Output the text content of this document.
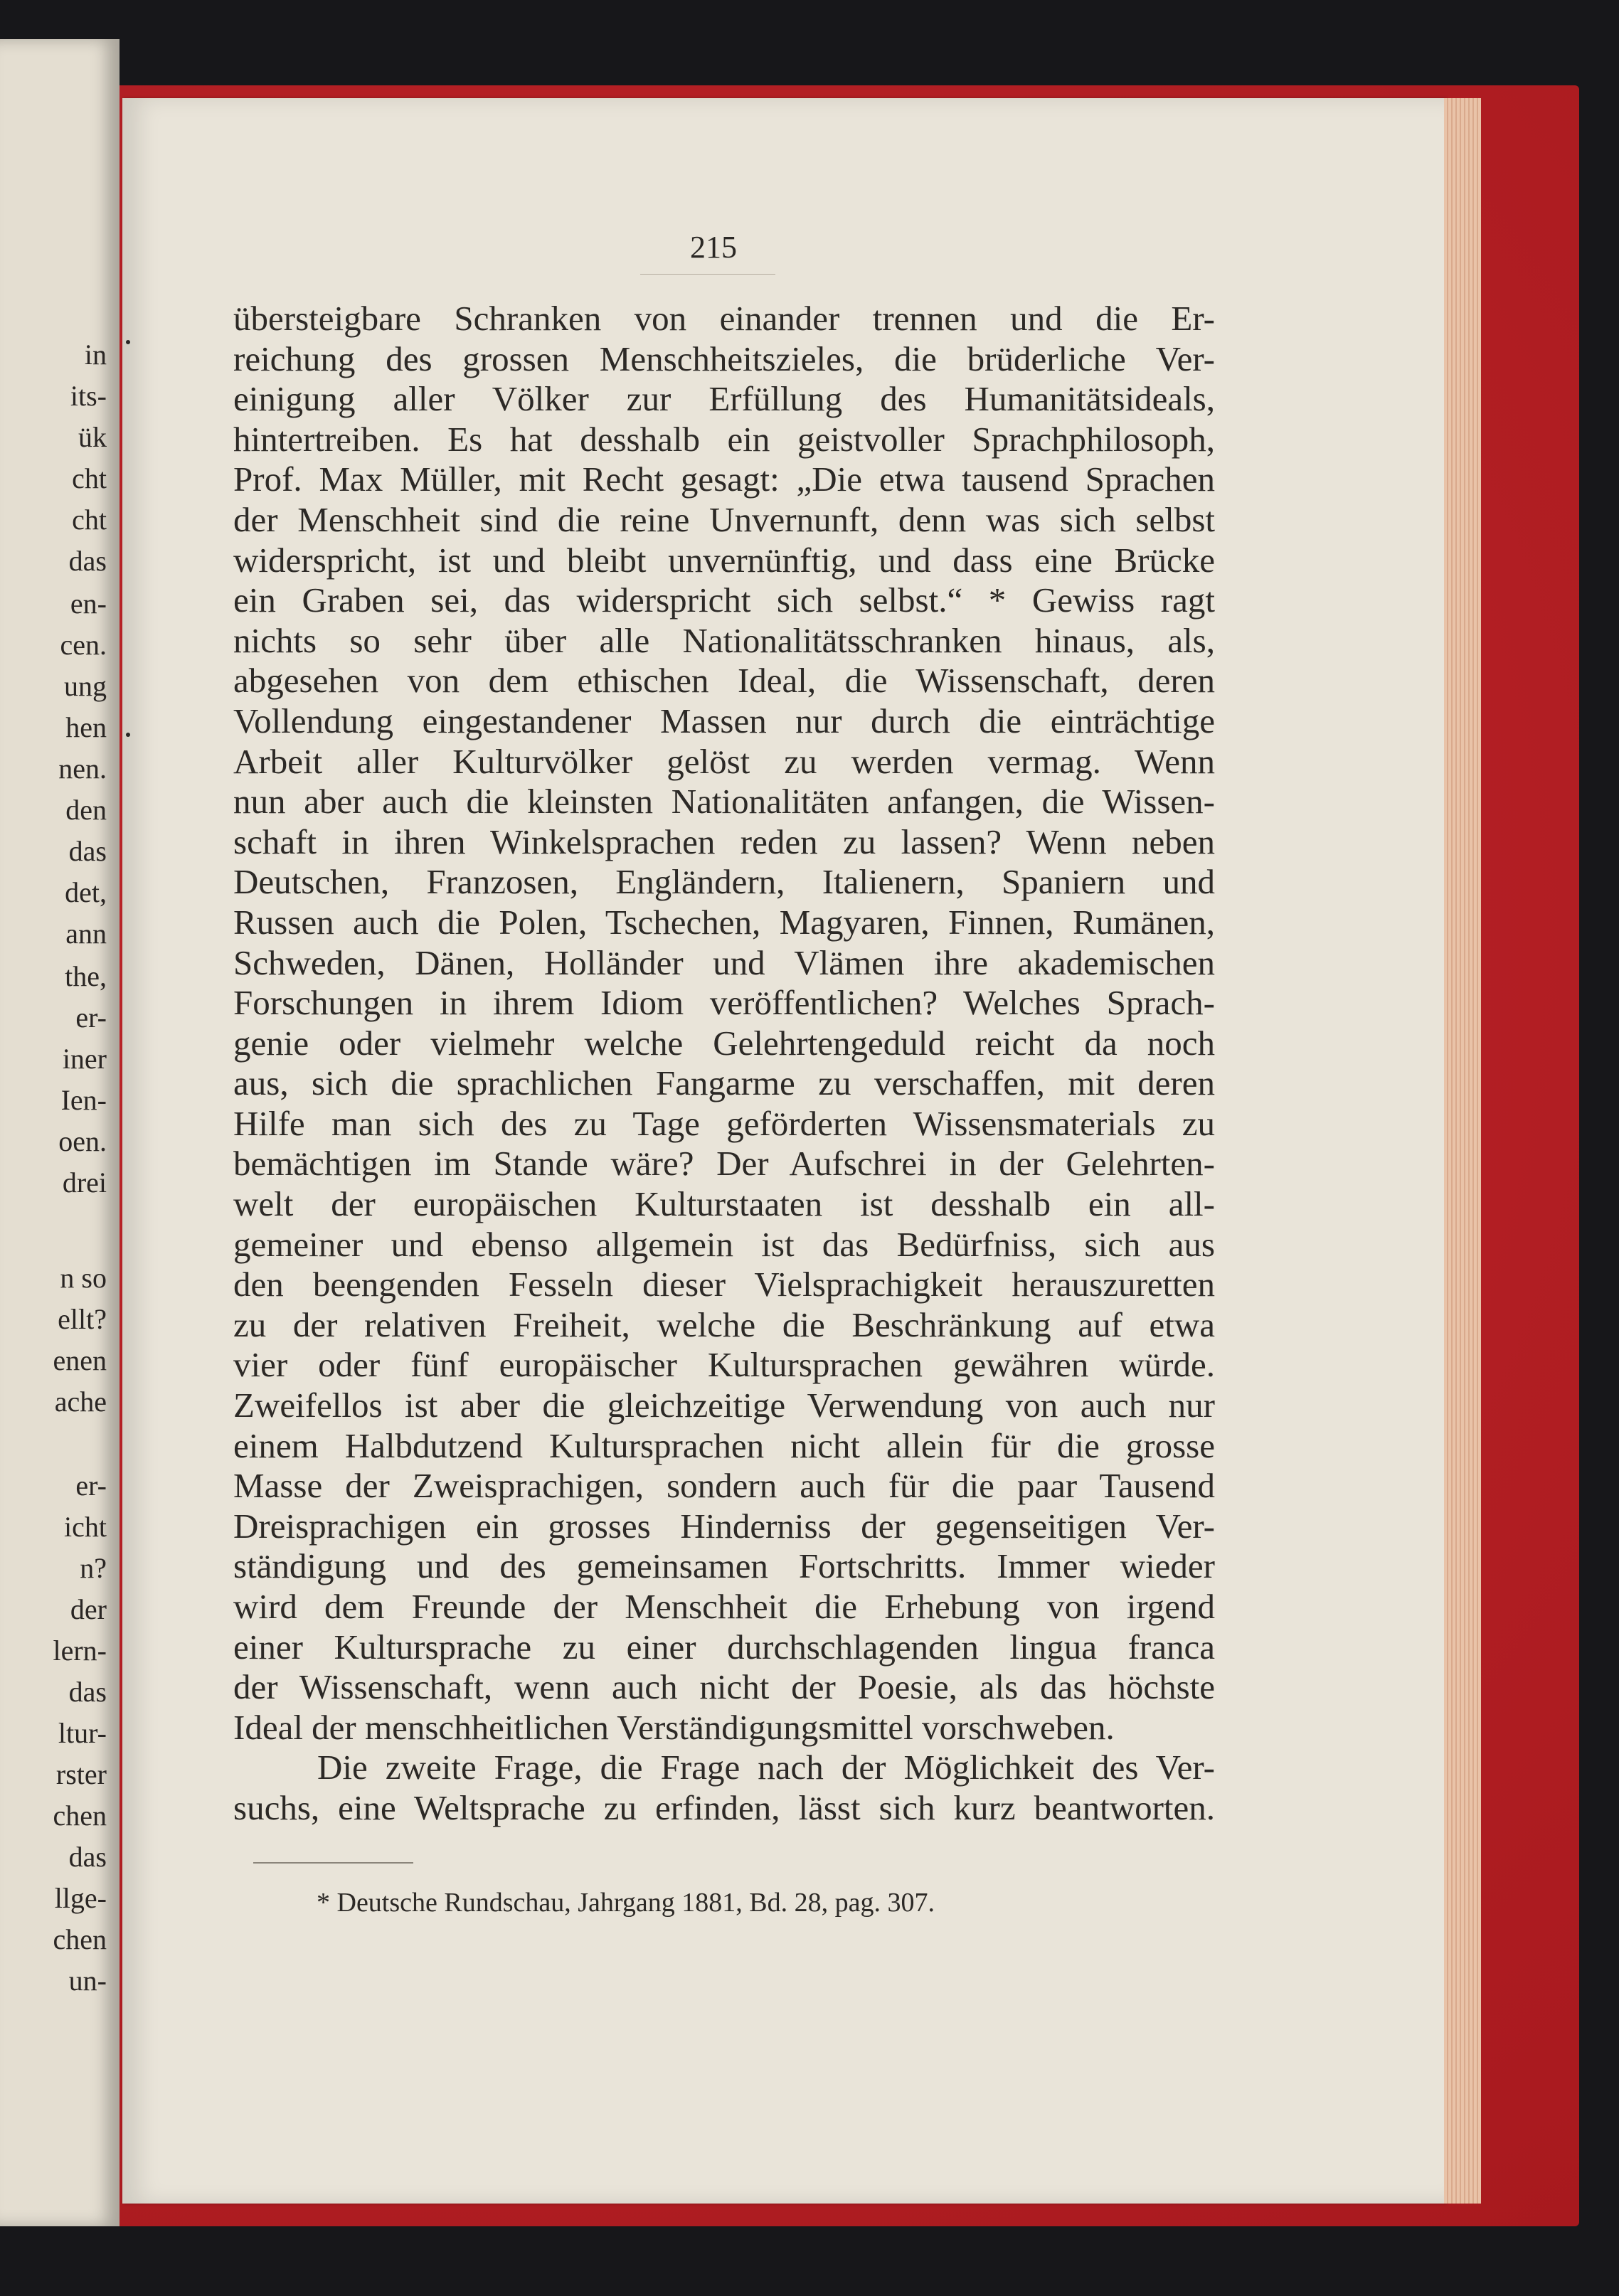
in
its-
ük
cht
cht
das
en-
cen.
ung
hen
nen.
den
das
det,
ann
the,
er-
iner
Ien-
oen.
drei
n so
ellt?
enen
ache
er-
icht
n?
der
lern-
das
ltur-
rster
chen
das
llge-
chen
un-
215
übersteigbare Schranken von einander trennen und die Er-
reichung des grossen Menschheitszieles, die brüderliche Ver-
einigung aller Völker zur Erfüllung des Humanitätsideals,
hintertreiben. Es hat desshalb ein geistvoller Sprachphilosoph,
Prof. Max Müller, mit Recht gesagt: „Die etwa tausend Sprachen
der Menschheit sind die reine Unvernunft, denn was sich selbst
widerspricht, ist und bleibt unvernünftig, und dass eine Brücke
ein Graben sei, das widerspricht sich selbst.“ * Gewiss ragt
nichts so sehr über alle Nationalitätsschranken hinaus, als,
abgesehen von dem ethischen Ideal, die Wissenschaft, deren
Vollendung eingestandener Massen nur durch die einträchtige
Arbeit aller Kulturvölker gelöst zu werden vermag. Wenn
nun aber auch die kleinsten Nationalitäten anfangen, die Wissen-
schaft in ihren Winkelsprachen reden zu lassen? Wenn neben
Deutschen, Franzosen, Engländern, Italienern, Spaniern und
Russen auch die Polen, Tschechen, Magyaren, Finnen, Rumänen,
Schweden, Dänen, Holländer und Vlämen ihre akademischen
Forschungen in ihrem Idiom veröffentlichen? Welches Sprach-
genie oder vielmehr welche Gelehrtengeduld reicht da noch
aus, sich die sprachlichen Fangarme zu verschaffen, mit deren
Hilfe man sich des zu Tage geförderten Wissensmaterials zu
bemächtigen im Stande wäre? Der Aufschrei in der Gelehrten-
welt der europäischen Kulturstaaten ist desshalb ein all-
gemeiner und ebenso allgemein ist das Bedürfniss, sich aus
den beengenden Fesseln dieser Vielsprachigkeit herauszuretten
zu der relativen Freiheit, welche die Beschränkung auf etwa
vier oder fünf europäischer Kultursprachen gewähren würde.
Zweifellos ist aber die gleichzeitige Verwendung von auch nur
einem Halbdutzend Kultursprachen nicht allein für die grosse
Masse der Zweisprachigen, sondern auch für die paar Tausend
Dreisprachigen ein grosses Hinderniss der gegenseitigen Ver-
ständigung und des gemeinsamen Fortschritts. Immer wieder
wird dem Freunde der Menschheit die Erhebung von irgend
einer Kultursprache zu einer durchschlagenden lingua franca
der Wissenschaft, wenn auch nicht der Poesie, als das höchste
Ideal der menschheitlichen Verständigungsmittel vorschweben.
Die zweite Frage, die Frage nach der Möglichkeit des Ver-
suchs, eine Weltsprache zu erfinden, lässt sich kurz beantworten.
* Deutsche Rundschau, Jahrgang 1881, Bd. 28, pag. 307.
